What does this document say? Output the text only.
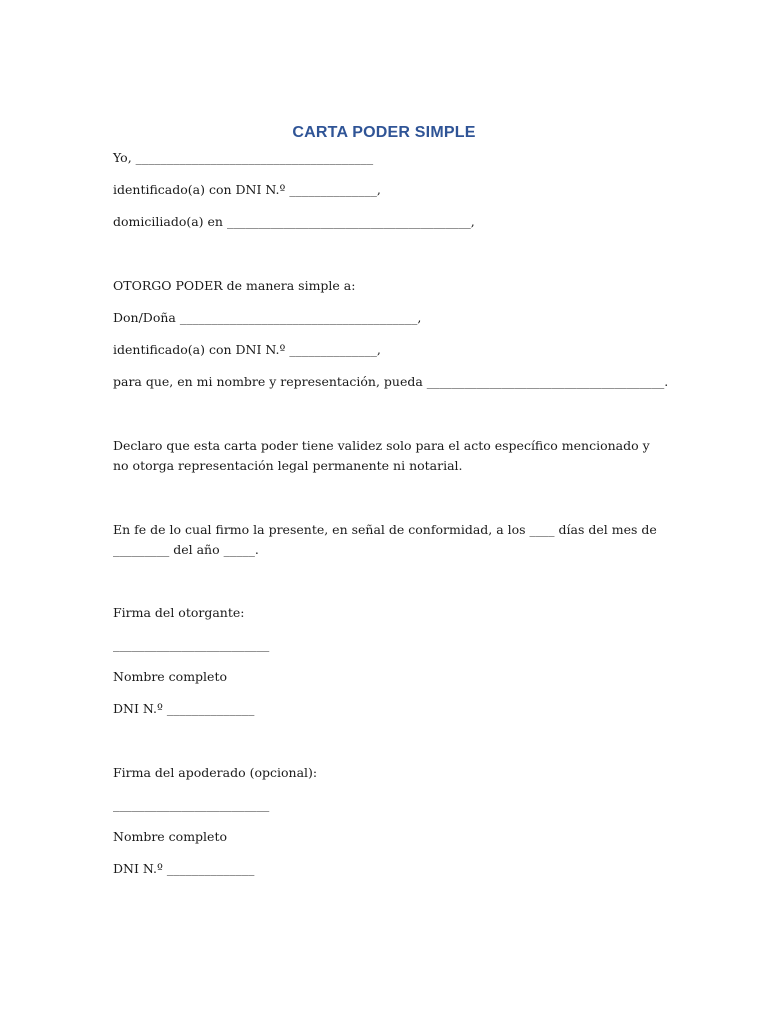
CARTA PODER SIMPLE
Yo, ______________________________________
identificado(a) con DNI N.º ______________,
domiciliado(a) en _______________________________________,
OTORGO PODER de manera simple a:
Don/Doña ______________________________________,
identificado(a) con DNI N.º ______________,
para que, en mi nombre y representación, pueda ______________________________________.
Declaro que esta carta poder tiene validez solo para el acto específico mencionado y no otorga representación legal permanente ni notarial.
En fe de lo cual firmo la presente, en señal de conformidad, a los ____ días del mes de _________ del año _____.
Firma del otorgante:
_________________________
Nombre completo
DNI N.º ______________
Firma del apoderado (opcional):
_________________________
Nombre completo
DNI N.º ______________
